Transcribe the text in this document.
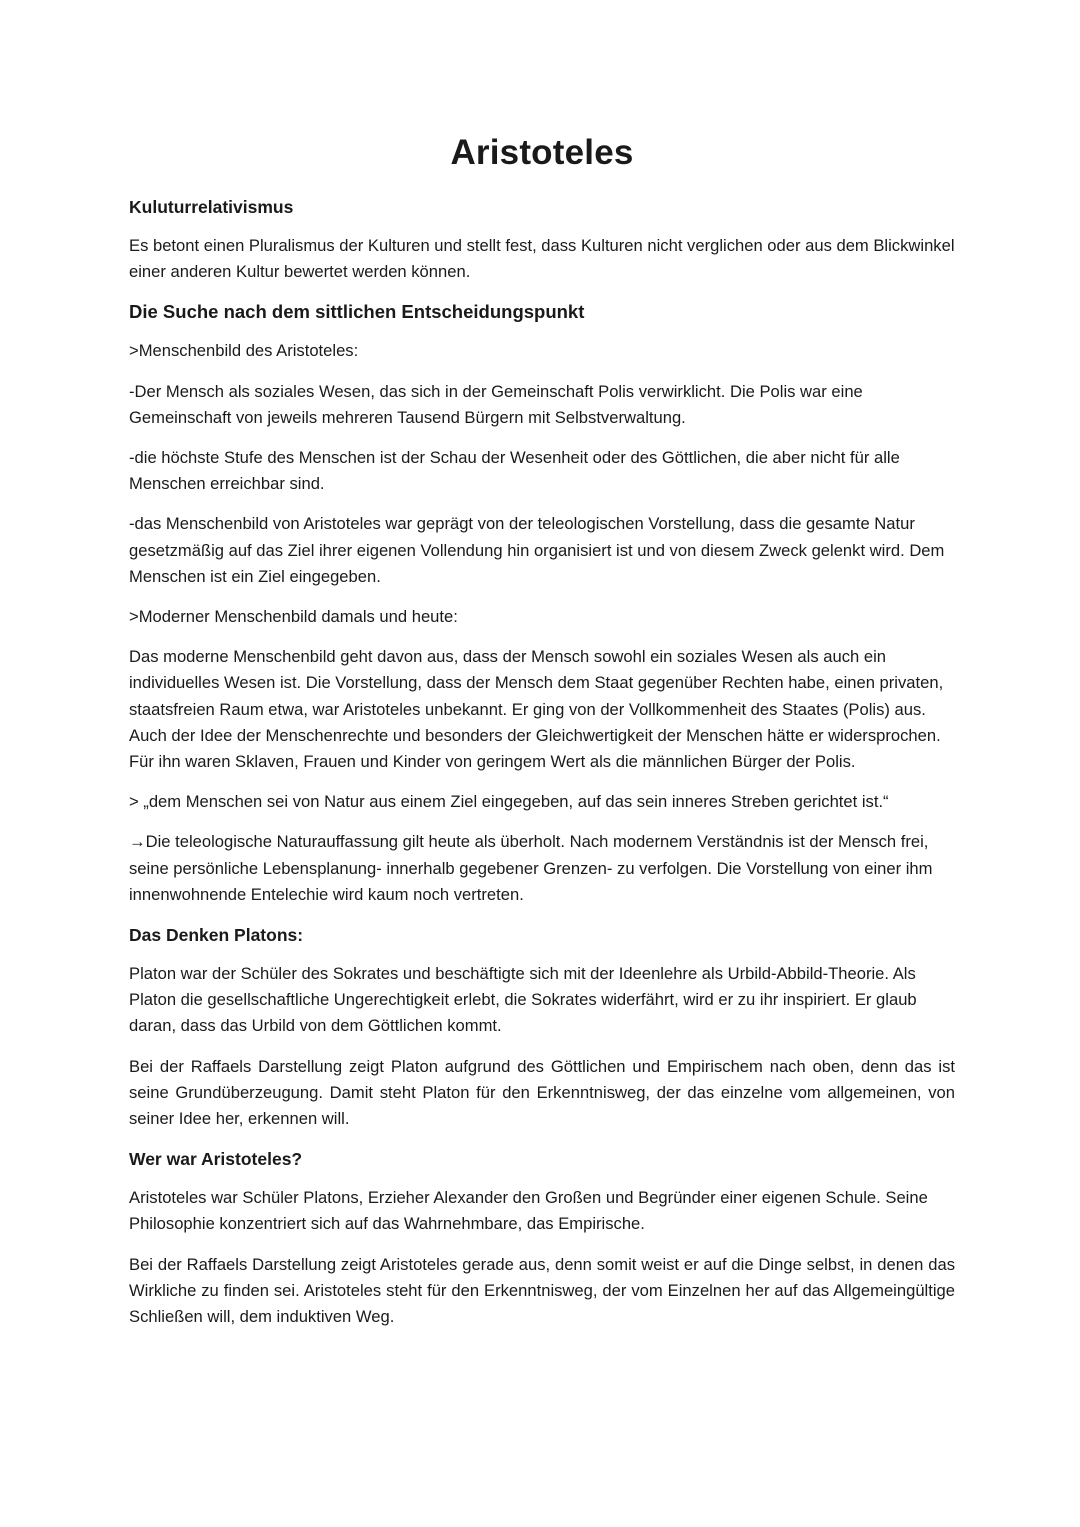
Aristoteles
Kuluturrelativismus

Es betont einen Pluralismus der Kulturen und stellt fest, dass Kulturen nicht verglichen oder aus dem Blickwinkel einer anderen Kultur bewertet werden können.

Die Suche nach dem sittlichen Entscheidungspunkt

>Menschenbild des Aristoteles:

-Der Mensch als soziales Wesen, das sich in der Gemeinschaft Polis verwirklicht. Die Polis war eine Gemeinschaft von jeweils mehreren Tausend Bürgern mit Selbstverwaltung.

-die höchste Stufe des Menschen ist der Schau der Wesenheit oder des Göttlichen, die aber nicht für alle Menschen erreichbar sind.

-das Menschenbild von Aristoteles war geprägt von der teleologischen Vorstellung, dass die gesamte Natur gesetzmäßig auf das Ziel ihrer eigenen Vollendung hin organisiert ist und von diesem Zweck gelenkt wird. Dem Menschen ist ein Ziel eingegeben.

>Moderner Menschenbild damals und heute:

Das moderne Menschenbild geht davon aus, dass der Mensch sowohl ein soziales Wesen als auch ein individuelles Wesen ist. Die Vorstellung, dass der Mensch dem Staat gegenüber Rechten habe, einen privaten, staatsfreien Raum etwa, war Aristoteles unbekannt. Er ging von der Vollkommenheit des Staates (Polis) aus. Auch der Idee der Menschenrechte und besonders der Gleichwertigkeit der Menschen hätte er widersprochen. Für ihn waren Sklaven, Frauen und Kinder von geringem Wert als die männlichen Bürger der Polis.

> „dem Menschen sei von Natur aus einem Ziel eingegeben, auf das sein inneres Streben gerichtet ist.“

→Die teleologische Naturauffassung gilt heute als überholt. Nach modernem Verständnis ist der Mensch frei, seine persönliche Lebensplanung- innerhalb gegebener Grenzen- zu verfolgen. Die Vorstellung von einer ihm innenwohnende Entelechie wird kaum noch vertreten.

Das Denken Platons:

Platon war der Schüler des Sokrates und beschäftigte sich mit der Ideenlehre als Urbild-Abbild-Theorie. Als Platon die gesellschaftliche Ungerechtigkeit erlebt, die Sokrates widerfährt, wird er zu ihr inspiriert. Er glaub daran, dass das Urbild von dem Göttlichen kommt.

Bei der Raffaels Darstellung zeigt Platon aufgrund des Göttlichen und Empirischem nach oben, denn das ist seine Grundüberzeugung. Damit steht Platon für den Erkenntnisweg, der das einzelne vom allgemeinen, von seiner Idee her, erkennen will.

Wer war Aristoteles?

Aristoteles war Schüler Platons, Erzieher Alexander den Großen und Begründer einer eigenen Schule. Seine Philosophie konzentriert sich auf das Wahrnehmbare, das Empirische.

Bei der Raffaels Darstellung zeigt Aristoteles gerade aus, denn somit weist er auf die Dinge selbst, in denen das Wirkliche zu finden sei. Aristoteles steht für den Erkenntnisweg, der vom Einzelnen her auf das Allgemeingültige Schließen will, dem induktiven Weg.
